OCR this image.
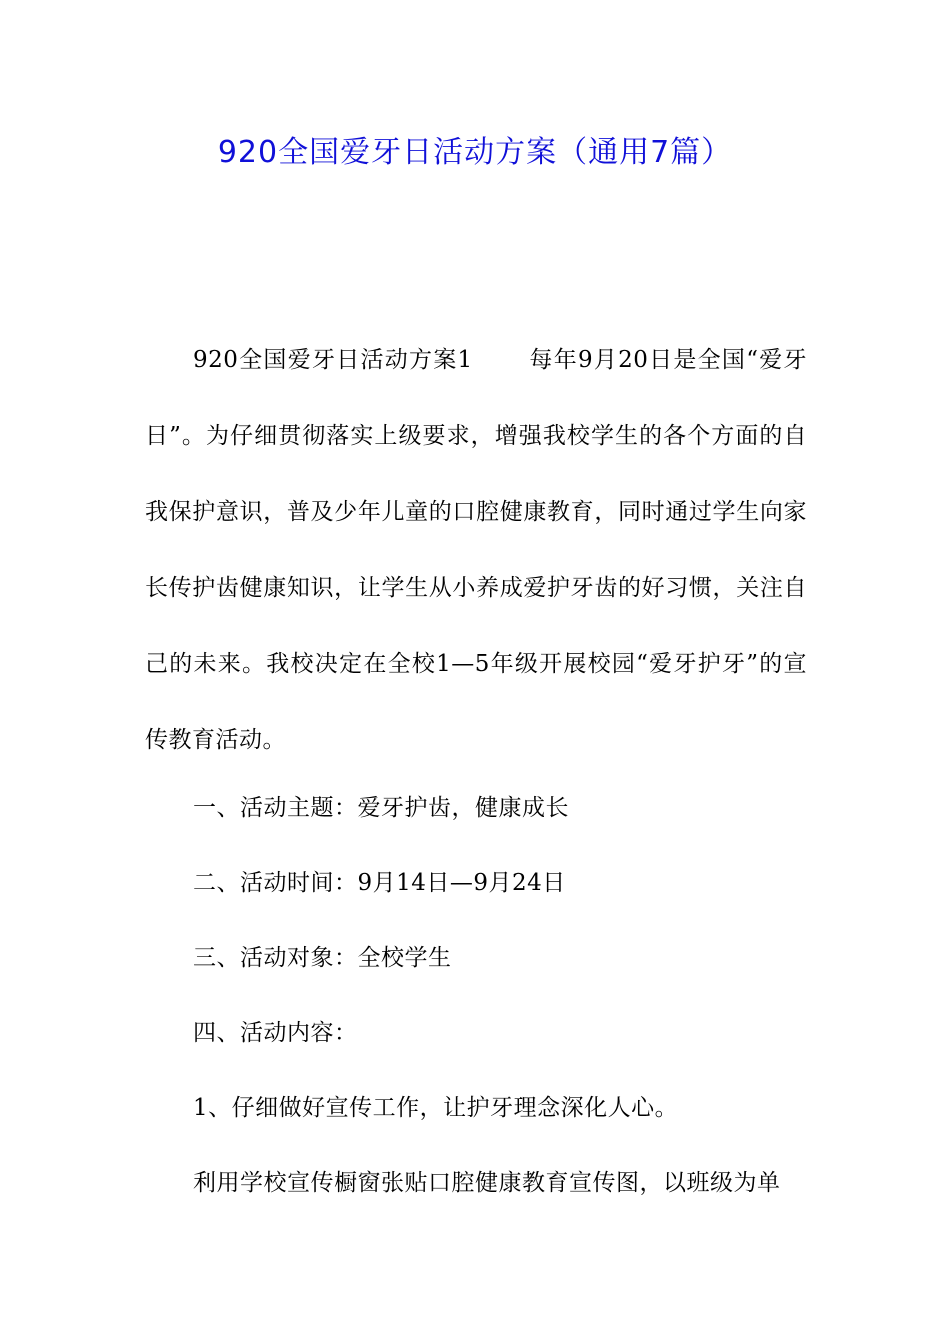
920全国爱牙日活动方案（通用7篇）

920全国爱牙日活动方案1 每年9月20日是全国“爱牙日”。为仔细贯彻落实上级要求，增强我校学生的各个方面的自我保护意识，普及少年儿童的口腔健康教育，同时通过学生向家长传护齿健康知识，让学生从小养成爱护牙齿的好习惯，关注自己的未来。我校决定在全校1—5年级开展校园“爱牙护牙”的宣传教育活动。

一、活动主题：爱牙护齿，健康成长

二、活动时间：9月14日—9月24日

三、活动对象：全校学生

四、活动内容：

1、仔细做好宣传工作，让护牙理念深化人心。

利用学校宣传橱窗张贴口腔健康教育宣传图，以班级为单
